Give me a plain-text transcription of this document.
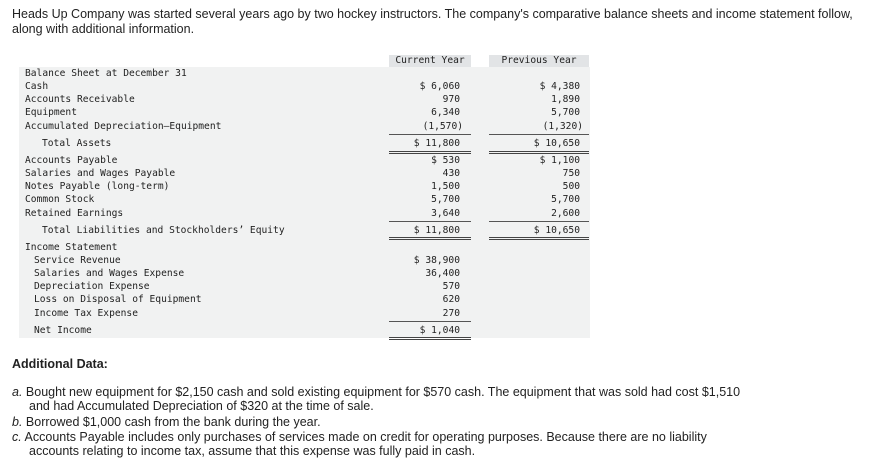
Heads Up Company was started several years ago by two hockey instructors. The company's comparative balance sheets and income statement follow, along with additional information.
Current Year	Previous Year
Balance Sheet at December 31
Cash	$ 6,060	$ 4,380
Accounts Receivable	970	1,890
Equipment	6,340	5,700
Accumulated Depreciation–Equipment	(1,570)	(1,320)
Total Assets	$ 11,800	$ 10,650
Accounts Payable	$ 530	$ 1,100
Salaries and Wages Payable	430	750
Notes Payable (long-term)	1,500	500
Common Stock	5,700	5,700
Retained Earnings	3,640	2,600
Total Liabilities and Stockholders’ Equity	$ 11,800	$ 10,650
Income Statement
Service Revenue	$ 38,900
Salaries and Wages Expense	36,400
Depreciation Expense	570
Loss on Disposal of Equipment	620
Income Tax Expense	270
Net Income	$ 1,040
Additional Data:
a. Bought new equipment for $2,150 cash and sold existing equipment for $570 cash. The equipment that was sold had cost $1,510
and had Accumulated Depreciation of $320 at the time of sale.
b. Borrowed $1,000 cash from the bank during the year.
c. Accounts Payable includes only purchases of services made on credit for operating purposes. Because there are no liability
accounts relating to income tax, assume that this expense was fully paid in cash.
